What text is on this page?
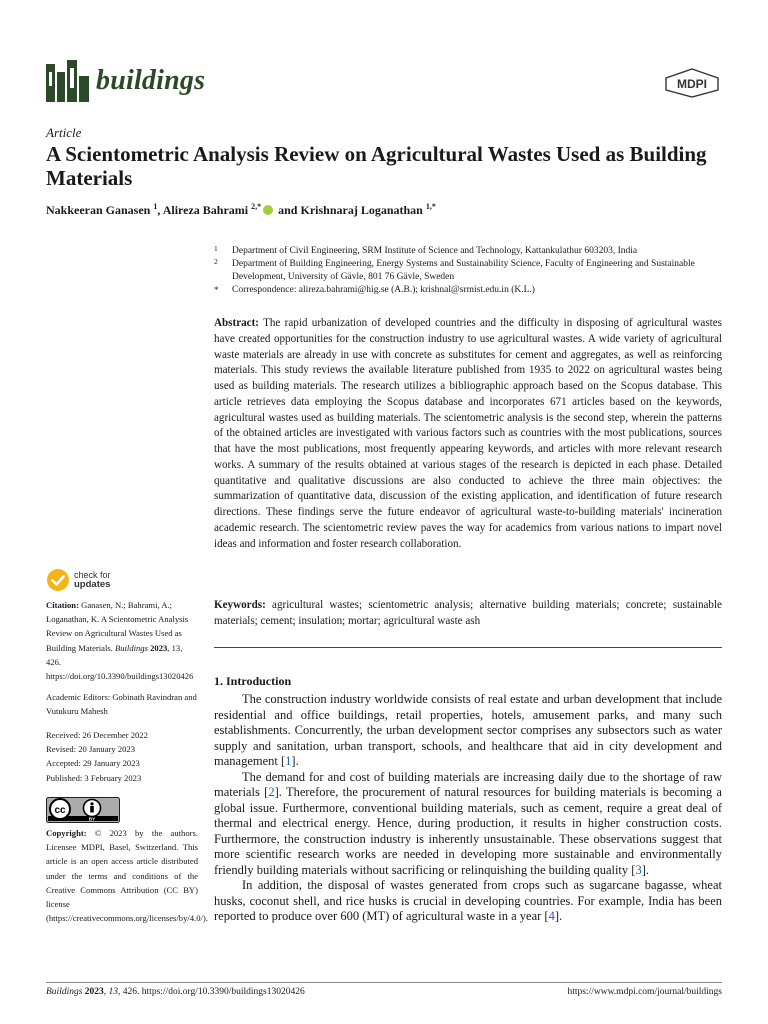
buildings	MDPI
Article
A Scientometric Analysis Review on Agricultural Wastes Used as Building Materials
Nakkeeran Ganasen $^1$, Alireza Bahrami $^{2,*}$ and Krishnaraj Loganathan $^{1,*}$
1 Department of Civil Engineering, SRM Institute of Science and Technology, Kattankulathur 603203, India
2 Department of Building Engineering, Energy Systems and Sustainability Science, Faculty of Engineering and Sustainable Development, University of Gävle, 801 76 Gävle, Sweden
* Correspondence: alireza.bahrami@hig.se (A.B.); krishnal@srmist.edu.in (K.L.)
Abstract: The rapid urbanization of developed countries and the difficulty in disposing of agricultural wastes have created opportunities for the construction industry to use agricultural wastes. A wide variety of agricultural waste materials are already in use with concrete as substitutes for cement and aggregates, as well as reinforcing materials. This study reviews the available literature published from 1935 to 2022 on agricultural wastes being used as building materials. The research utilizes a bibliographic approach based on the Scopus database. This article retrieves data employing the Scopus database and incorporates 671 articles based on the keywords, agricultural wastes used as building materials. The scientometric analysis is the second step, wherein the patterns of the obtained articles are investigated with various factors such as countries with the most publications, sources that have the most publications, most frequently appearing keywords, and articles with more relevant research works. A summary of the results obtained at various stages of the research is depicted in each phase. Detailed quantitative and qualitative discussions are also conducted to achieve the three main objectives: the summarization of quantitative data, discussion of the existing application, and identification of future research directions. These findings serve the future endeavor of agricultural waste-to-building materials' incineration academic research. The scientometric review paves the way for academics from various nations to impart novel ideas and information and foster research collaboration.
Keywords: agricultural wastes; scientometric analysis; alternative building materials; concrete; sustainable materials; cement; insulation; mortar; agricultural waste ash
check for
updates
Citation: Ganasen, N.; Bahrami, A.; Loganathan, K. A Scientometric Analysis Review on Agricultural Wastes Used as Building Materials. Buildings 2023, 13, 426. https://doi.org/10.3390/buildings13020426
Academic Editors: Gobinath Ravindran and Vutukuru Mahesh
Received: 26 December 2022
Revised: 20 January 2023
Accepted: 29 January 2023
Published: 3 February 2023
cc
BY
Copyright: © 2023 by the authors. Licensee MDPI, Basel, Switzerland. This article is an open access article distributed under the terms and conditions of the Creative Commons Attribution (CC BY) license (https://creativecommons.org/licenses/by/4.0/).
1. Introduction

The construction industry worldwide consists of real estate and urban development that include residential and office buildings, retail properties, hotels, amusement parks, and many such establishments. Concurrently, the urban development sector comprises any subsectors such as water supply and sanitation, urban transport, schools, and healthcare that aid in city development and management [1].

The demand for and cost of building materials are increasing daily due to the shortage of raw materials [2]. Therefore, the procurement of natural resources for building materials is becoming a global issue. Furthermore, conventional building materials, such as cement, require a great deal of thermal and electrical energy. Hence, during production, it results in higher construction costs. Furthermore, the construction industry is inherently unsustainable. These observations suggest that more scientific research works are needed in developing more sustainable and environmentally friendly building materials without sacrificing or relinquishing the building quality [3].

In addition, the disposal of wastes generated from crops such as sugarcane bagasse, wheat husks, coconut shell, and rice husks is crucial in developing countries. For example, India has been reported to produce over 600 (MT) of agricultural waste in a year [4].

Buildings 2023, 13, 426. https://doi.org/10.3390/buildings13020426	https://www.mdpi.com/journal/buildings
